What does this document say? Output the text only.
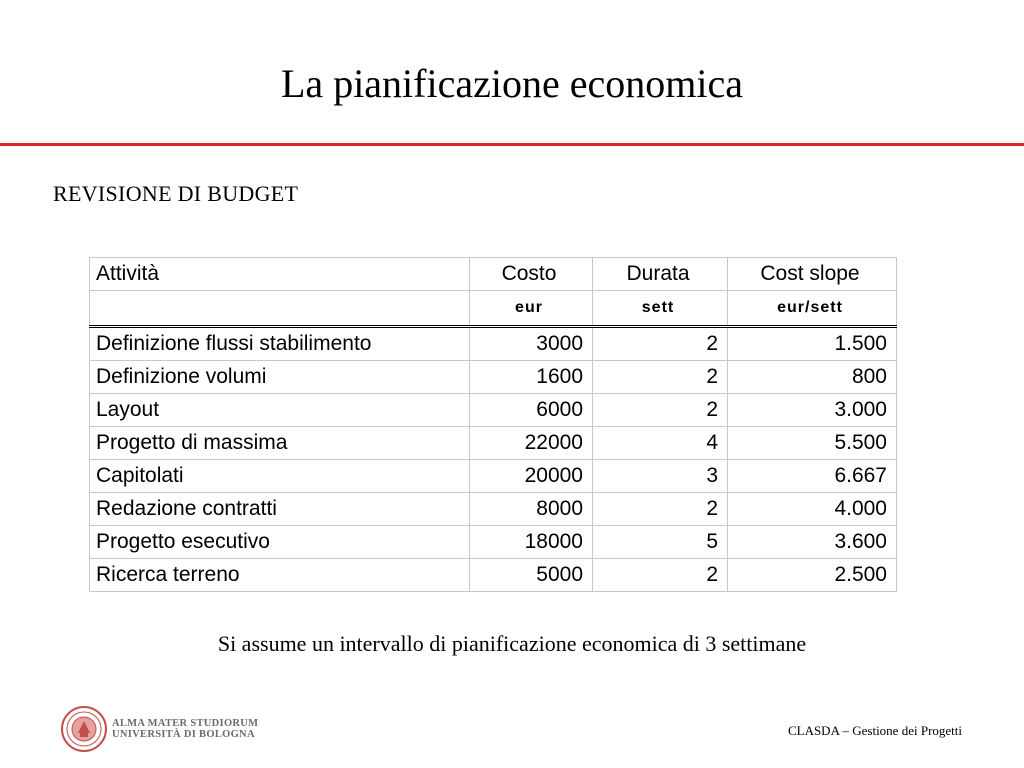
La pianificazione economica
REVISIONE DI BUDGET
Attività	Costo	Durata	Cost slope
	eur	sett	eur/sett
Definizione flussi stabilimento	3000	2	1.500
Definizione volumi	1600	2	800
Layout	6000	2	3.000
Progetto di massima	22000	4	5.500
Capitolati	20000	3	6.667
Redazione contratti	8000	2	4.000
Progetto esecutivo	18000	5	3.600
Ricerca terreno	5000	2	2.500
Si assume un intervallo di pianificazione economica di 3 settimane
ALMA MATER STUDIORUM
UNIVERSITÀ DI BOLOGNA	CLASDA – Gestione dei Progetti
